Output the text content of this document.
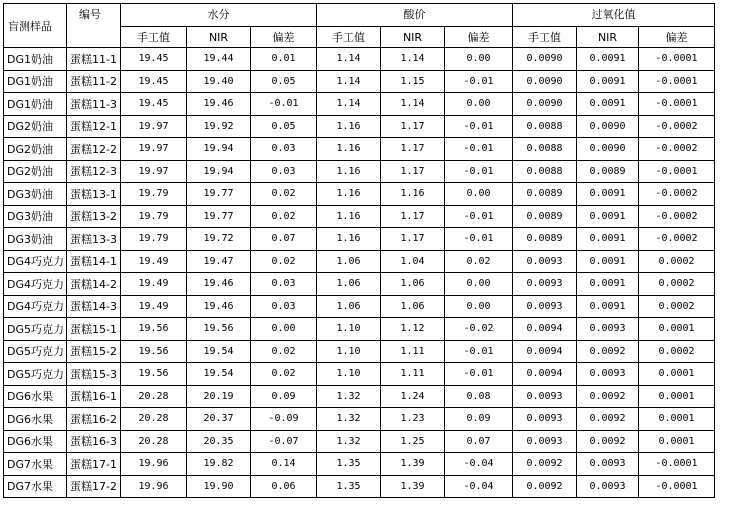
盲测样品	编号	水分			酸价			过氧化值		
		手工值	NIR	偏差	手工值	NIR	偏差	手工值	NIR	偏差
DG1奶油	蛋糕11-1	19.45	19.44	0.01	1.14	1.14	0.00	0.0090	0.0091	-0.0001
DG1奶油	蛋糕11-2	19.45	19.40	0.05	1.14	1.15	-0.01	0.0090	0.0091	-0.0001
DG1奶油	蛋糕11-3	19.45	19.46	-0.01	1.14	1.14	0.00	0.0090	0.0091	-0.0001
DG2奶油	蛋糕12-1	19.97	19.92	0.05	1.16	1.17	-0.01	0.0088	0.0090	-0.0002
DG2奶油	蛋糕12-2	19.97	19.94	0.03	1.16	1.17	-0.01	0.0088	0.0090	-0.0002
DG2奶油	蛋糕12-3	19.97	19.94	0.03	1.16	1.17	-0.01	0.0088	0.0089	-0.0001
DG3奶油	蛋糕13-1	19.79	19.77	0.02	1.16	1.16	0.00	0.0089	0.0091	-0.0002
DG3奶油	蛋糕13-2	19.79	19.77	0.02	1.16	1.17	-0.01	0.0089	0.0091	-0.0002
DG3奶油	蛋糕13-3	19.79	19.72	0.07	1.16	1.17	-0.01	0.0089	0.0091	-0.0002
DG4巧克力	蛋糕14-1	19.49	19.47	0.02	1.06	1.04	0.02	0.0093	0.0091	0.0002
DG4巧克力	蛋糕14-2	19.49	19.46	0.03	1.06	1.06	0.00	0.0093	0.0091	0.0002
DG4巧克力	蛋糕14-3	19.49	19.46	0.03	1.06	1.06	0.00	0.0093	0.0091	0.0002
DG5巧克力	蛋糕15-1	19.56	19.56	0.00	1.10	1.12	-0.02	0.0094	0.0093	0.0001
DG5巧克力	蛋糕15-2	19.56	19.54	0.02	1.10	1.11	-0.01	0.0094	0.0092	0.0002
DG5巧克力	蛋糕15-3	19.56	19.54	0.02	1.10	1.11	-0.01	0.0094	0.0093	0.0001
DG6水果	蛋糕16-1	20.28	20.19	0.09	1.32	1.24	0.08	0.0093	0.0092	0.0001
DG6水果	蛋糕16-2	20.28	20.37	-0.09	1.32	1.23	0.09	0.0093	0.0092	0.0001
DG6水果	蛋糕16-3	20.28	20.35	-0.07	1.32	1.25	0.07	0.0093	0.0092	0.0001
DG7水果	蛋糕17-1	19.96	19.82	0.14	1.35	1.39	-0.04	0.0092	0.0093	-0.0001
DG7水果	蛋糕17-2	19.96	19.90	0.06	1.35	1.39	-0.04	0.0092	0.0093	-0.0001
